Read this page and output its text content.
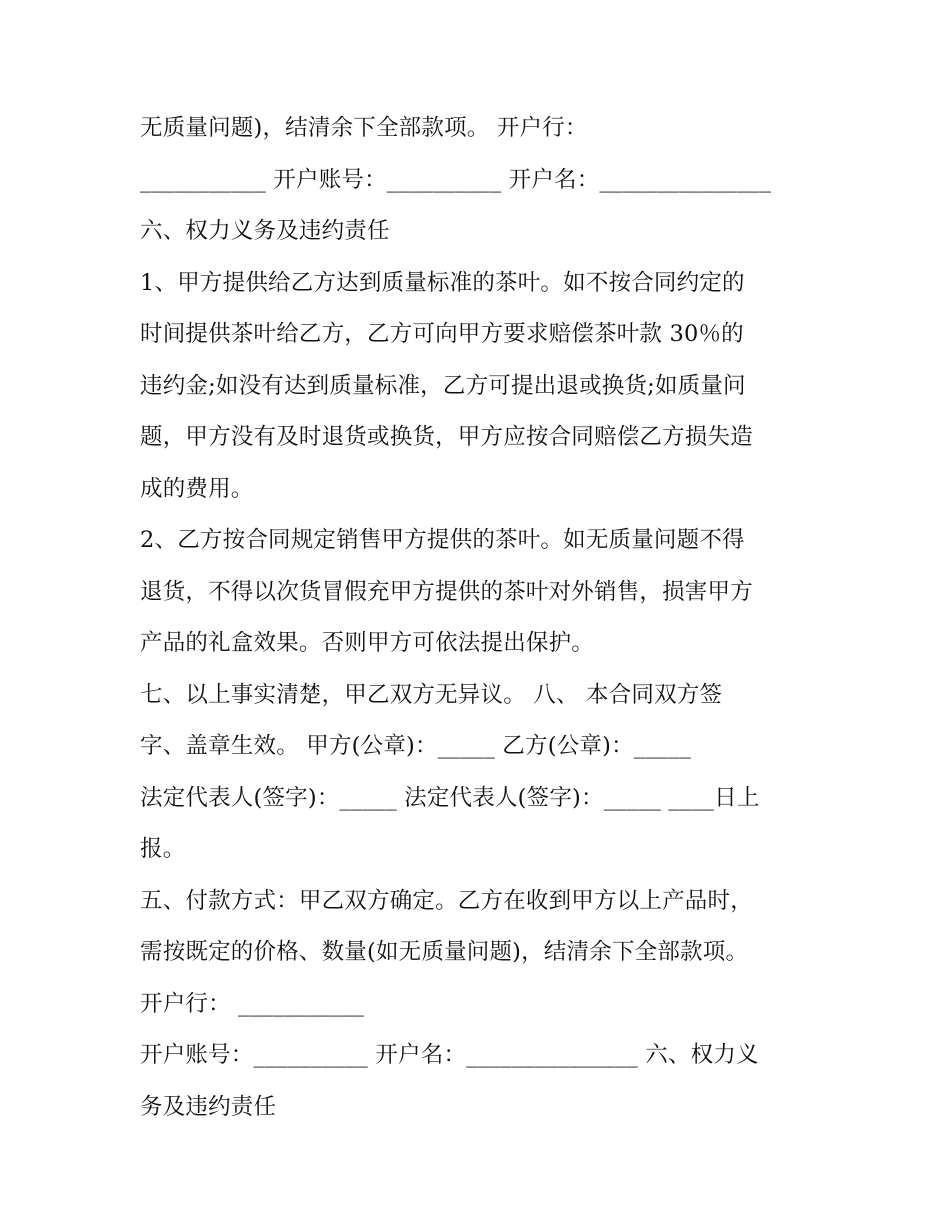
无质量问题)，结清余下全部款项。 开户行：
___________ 开户账号：__________ 开户名：_______________
六、权力义务及违约责任
1、甲方提供给乙方达到质量标准的茶叶。如不按合同约定的
时间提供茶叶给乙方，乙方可向甲方要求赔偿茶叶款 30％的
违约金;如没有达到质量标准，乙方可提出退或换货;如质量问
题，甲方没有及时退货或换货，甲方应按合同赔偿乙方损失造
成的费用。
2、乙方按合同规定销售甲方提供的茶叶。如无质量问题不得
退货，不得以次货冒假充甲方提供的茶叶对外销售，损害甲方
产品的礼盒效果。否则甲方可依法提出保护。
七、以上事实清楚，甲乙双方无异议。 八、 本合同双方签
字、盖章生效。 甲方(公章)：_____ 乙方(公章)：_____
法定代表人(签字)：_____ 法定代表人(签字)：_____ ____日上
报。
五、付款方式：甲乙双方确定。乙方在收到甲方以上产品时，
需按既定的价格、数量(如无质量问题)，结清余下全部款项。
开户行： ___________
开户账号：__________ 开户名：_______________ 六、权力义
务及违约责任
